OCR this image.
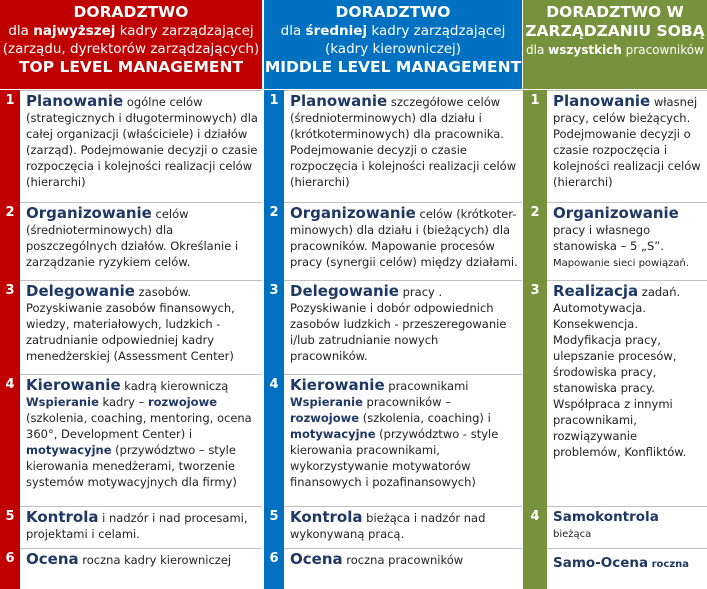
DORADZTWO
dla najwyższej kadry zarządzającej
(zarządu, dyrektorów zarządzających)
TOP LEVEL MANAGEMENT
1 Planowanie ogólne celów (strategicznych i długoterminowych) dla całej organizacji (właściciele) i działów (zarząd). Podejmowanie decyzji o czasie rozpoczęcia i kolejności realizacji celów (hierarchi)
2 Organizowanie celów (średnioterminowych) dla poszczególnych działów. Określanie i zarządzanie ryzykiem celów.
3 Delegowanie zasobów. Pozyskiwanie zasobów finansowych, wiedzy, materiałowych, ludzkich - zatrudnianie odpowiedniej kadry menedżerskiej (Assessment Center)
4 Kierowanie kadrą kierowniczą
Wspieranie kadry – rozwojowe (szkolenia, coaching, mentoring, ocena 360°, Development Center) i motywacyjne (przywództwo – style kierowania menedżerami, tworzenie systemów motywacyjnych dla firmy)
5 Kontrola i nadzór i nad procesami, projektami i celami.
6 Ocena roczna kadry kierowniczej
DORADZTWO
dla średniej kadry zarządzającej
(kadry kierowniczej)
MIDDLE LEVEL MANAGEMENT
1 Planowanie szczegółowe celów (średnioterminowych) dla działu i (krótkoterminowych) dla pracownika. Podejmowanie decyzji o czasie rozpoczęcia i kolejności realizacji celów (hierarchi)
2 Organizowanie celów (krótkoter-minowych) dla działu i (bieżących) dla pracowników. Mapowanie procesów pracy (synergii celów) między działami.
3 Delegowanie pracy . Pozyskiwanie i dobór odpowiednich zasobów ludzkich - przeszeregowanie i/lub zatrudnianie nowych pracowników.
4 Kierowanie pracownikami
Wspieranie pracowników – rozwojowe (szkolenia, coaching) i motywacyjne (przywództwo - style kierowania pracownikami, wykorzystywanie motywatorów finansowych i pozafinansowych)
5 Kontrola bieżąca i nadzór nad wykonywaną pracą.
6 Ocena roczna pracowników
DORADZTWO W
ZARZĄDZANIU SOBĄ
dla wszystkich pracowników
1 Planowanie własnej pracy, celów bieżących. Podejmowanie decyzji o czasie rozpoczęcia i kolejności realizacji celów (hierarchi)
2 Organizowanie pracy i własnego stanowiska – 5 „S”.
Mapowanie sieci powiązań.
3 Realizacja zadań.
Automotywacja. Konsekwencja. Modyfikacja pracy, ulepszanie procesów, środowiska pracy, stanowiska pracy. Współpraca z innymi pracownikami, rozwiązywanie problemów, Konfliktów.
4 Samokontrola
bieżąca
Samo-Ocena roczna
